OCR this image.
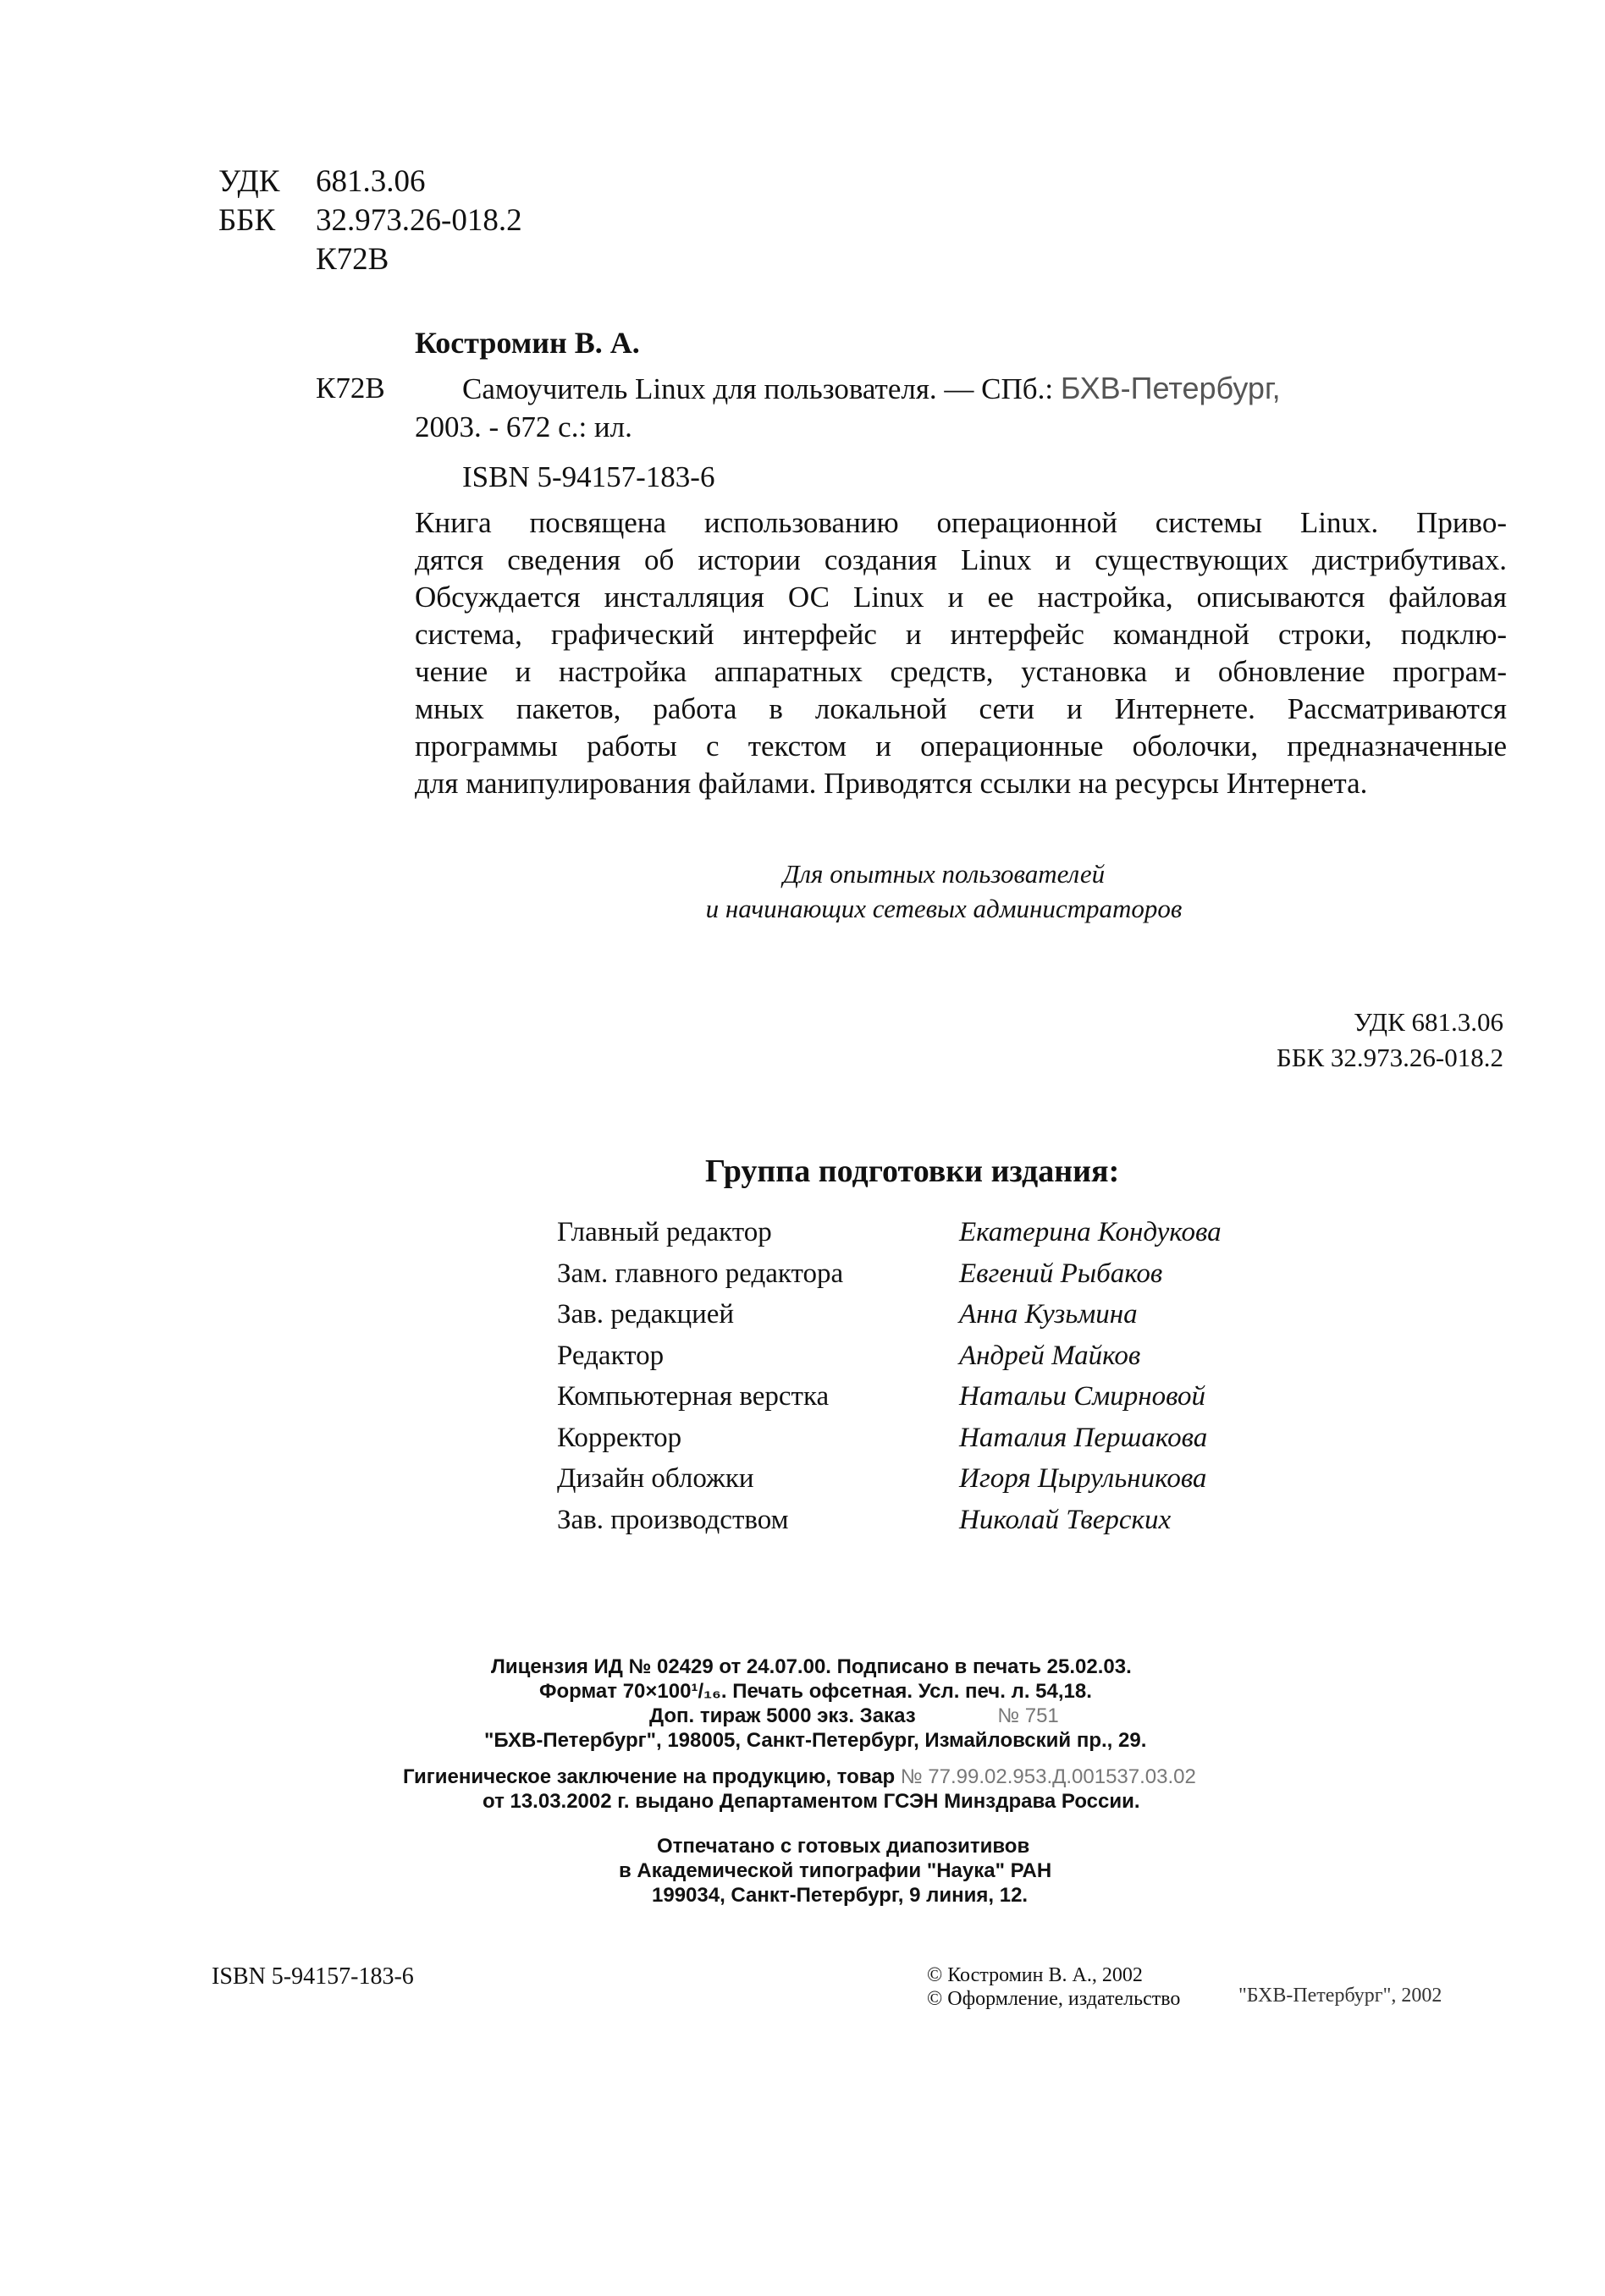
УДК 681.3.06
ББК 32.973.26-018.2
К72В
Костромин В. А.
К72В	Самоучитель Linux для пользователя. — СПб.: БХВ-Петербург,
2003. - 672 с.: ил.
ISBN 5-94157-183-6
Книга посвящена использованию операционной системы Linux. Приво-
дятся сведения об истории создания Linux и существующих дистрибутивах.
Обсуждается инсталляция ОС Linux и ее настройка, описываются файловая
система, графический интерфейс и интерфейс командной строки, подклю-
чение и настройка аппаратных средств, установка и обновление програм-
мных пакетов, работа в локальной сети и Интернете. Рассматриваются
программы работы с текстом и операционные оболочки, предназначенные
для манипулирования файлами. Приводятся ссылки на ресурсы Интернета.
Для опытных пользователей
и начинающих сетевых администраторов
УДК 681.3.06
ББК 32.973.26-018.2
Группа подготовки издания:
Главный редактор	Екатерина Кондукова
Зам. главного редактора	Евгений Рыбаков
Зав. редакцией	Анна Кузьмина
Редактор	Андрей Майков
Компьютерная верстка	Натальи Смирновой
Корректор	Наталия Першакова
Дизайн обложки	Игоря Цырульникова
Зав. производством	Николай Тверских
Лицензия ИД № 02429 от 24.07.00. Подписано в печать 25.02.03.
Формат 70×100¹/₁₆. Печать офсетная. Усл. печ. л. 54,18.
Доп. тираж 5000 экз. Заказ	№ 751
"БХВ-Петербург", 198005, Санкт-Петербург, Измайловский пр., 29.
Гигиеническое заключение на продукцию, товар № 77.99.02.953.Д.001537.03.02
от 13.03.2002 г. выдано Департаментом ГСЭН Минздрава России.
Отпечатано с готовых диапозитивов
в Академической типографии "Наука" РАН
199034, Санкт-Петербург, 9 линия, 12.
ISBN 5-94157-183-6	© Костромин В. А., 2002
© Оформление, издательство	"БХВ-Петербург", 2002
